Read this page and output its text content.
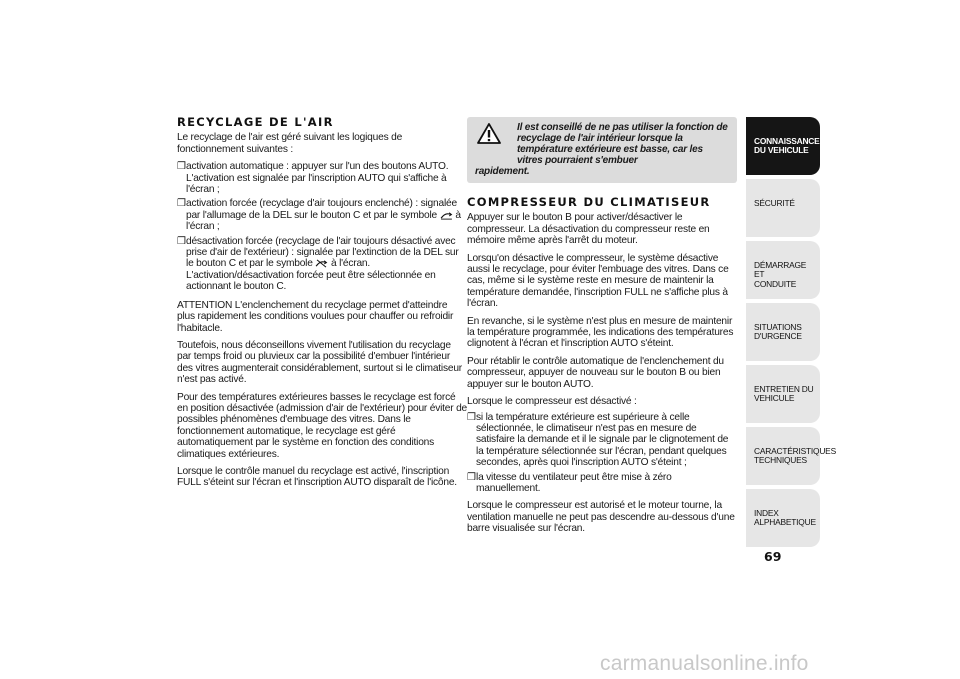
RECYCLAGE DE L'AIR
Le recyclage de l'air est géré suivant les logiques de fonctionnement suivantes :
❒ activation automatique : appuyer sur l'un des boutons AUTO. L'activation est signalée par l'inscription AUTO qui s'affiche à l'écran ;
❒ activation forcée (recyclage d'air toujours enclenché) : signalée par l'allumage de la DEL sur le bouton C et par le symbole à l'écran ;
❒ désactivation forcée (recyclage de l'air toujours désactivé avec prise d'air de l'extérieur) : signalée par l'extinction de la DEL sur le bouton C et par le symbole à l'écran. L'activation/désactivation forcée peut être sélectionnée en actionnant le bouton C.
ATTENTION L'enclenchement du recyclage permet d'atteindre plus rapidement les conditions voulues pour chauffer ou refroidir l'habitacle.
Toutefois, nous déconseillons vivement l'utilisation du recyclage par temps froid ou pluvieux car la possibilité d'embuer l'intérieur des vitres augmenterait considérablement, surtout si le climatiseur n'est pas activé.
Pour des températures extérieures basses le recyclage est forcé en position désactivée (admission d'air de l'extérieur) pour éviter de possibles phénomènes d'embuage des vitres. Dans le fonctionnement automatique, le recyclage est géré automatiquement par le système en fonction des conditions climatiques extérieures.
Lorsque le contrôle manuel du recyclage est activé, l'inscription FULL s'éteint sur l'écran et l'inscription AUTO disparaît de l'icône.
Il est conseillé de ne pas utiliser la fonction de recyclage de l'air intérieur lorsque la température extérieure est basse, car les vitres pourraient s'embuer
rapidement.
COMPRESSEUR DU CLIMATISEUR
Appuyer sur le bouton B pour activer/désactiver le compresseur. La désactivation du compresseur reste en mémoire même après l'arrêt du moteur.
Lorsqu'on désactive le compresseur, le système désactive aussi le recyclage, pour éviter l'embuage des vitres. Dans ce cas, même si le système reste en mesure de maintenir la température demandée, l'inscription FULL ne s'affiche plus à l'écran.
En revanche, si le système n'est plus en mesure de maintenir la température programmée, les indications des températures clignotent à l'écran et l'inscription AUTO s'éteint.
Pour rétablir le contrôle automatique de l'enclenchement du compresseur, appuyer de nouveau sur le bouton B ou bien appuyer sur le bouton AUTO.
Lorsque le compresseur est désactivé :
❒ si la température extérieure est supérieure à celle sélectionnée, le climatiseur n'est pas en mesure de satisfaire la demande et il le signale par le clignotement de la température sélectionnée sur l'écran, pendant quelques secondes, après quoi l'inscription AUTO s'éteint ;
❒ la vitesse du ventilateur peut être mise à zéro manuellement.
Lorsque le compresseur est autorisé et le moteur tourne, la ventilation manuelle ne peut pas descendre au-dessous d'une barre visualisée sur l'écran.
CONNAISSANCE
DU VEHICULE
SÉCURITÉ
DÉMARRAGE ET
CONDUITE
SITUATIONS
D'URGENCE
ENTRETIEN DU
VEHICULE
CARACTÉRISTIQUES
TECHNIQUES
INDEX
ALPHABETIQUE
69
carmanualsonline.info
